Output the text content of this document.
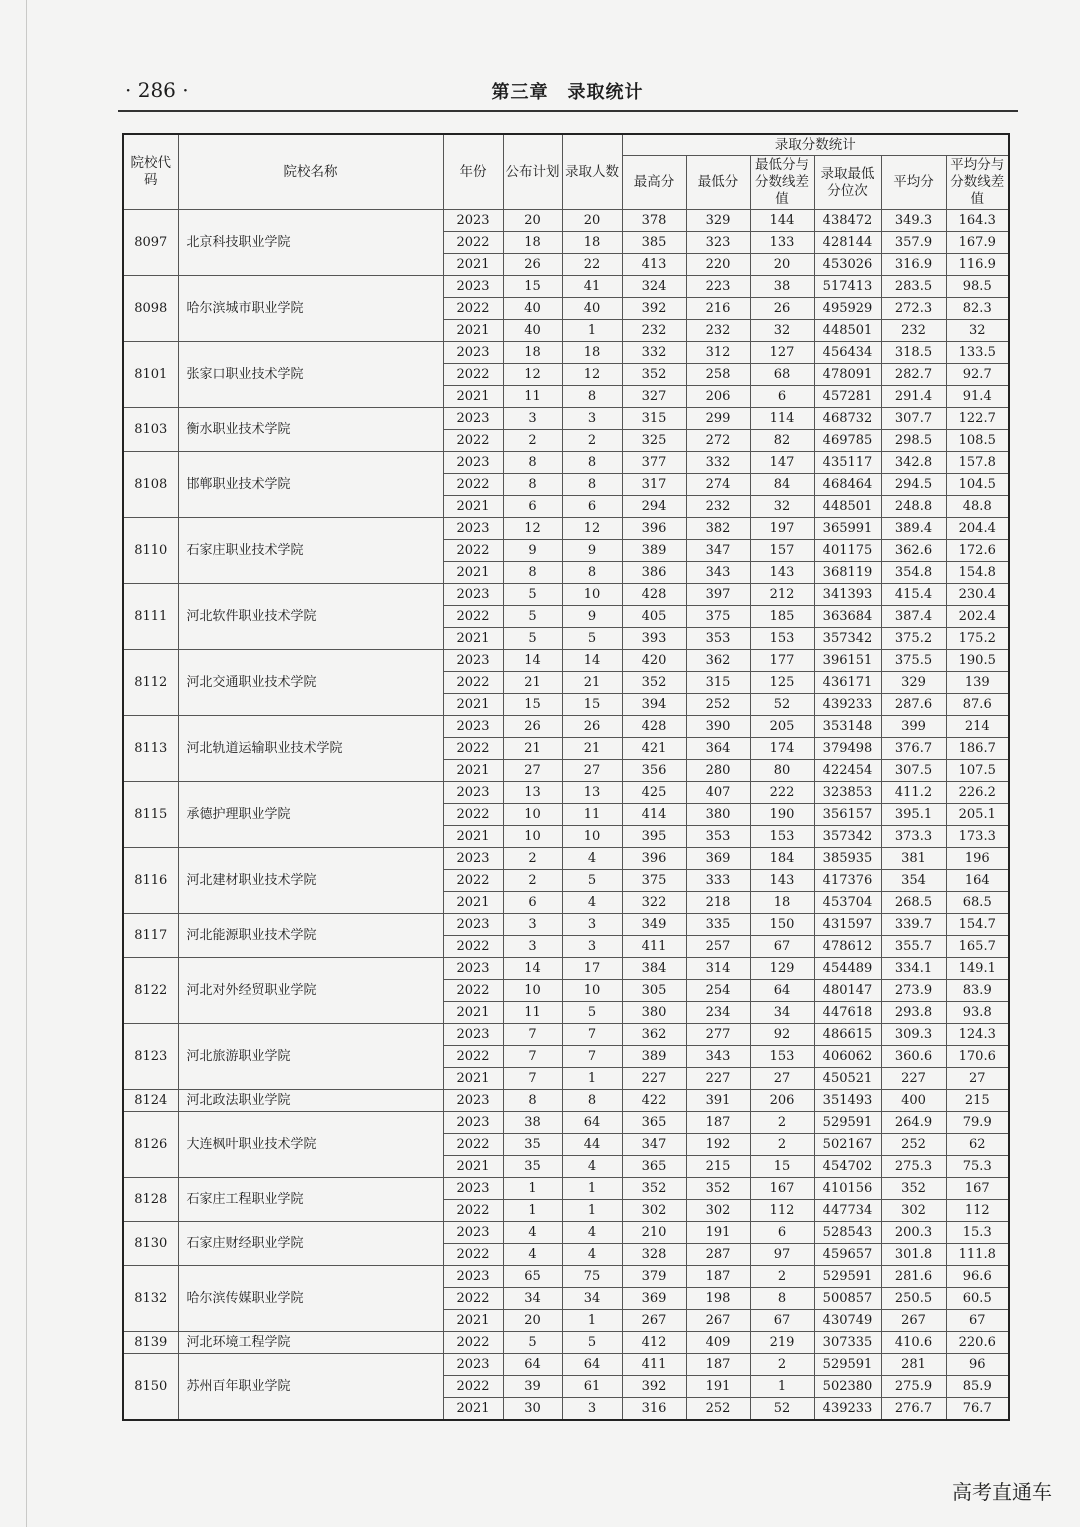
· 286 ·	第三章　录取统计
院校代码	院校名称	年份	公布计划	录取人数	录取分数统计					
					最高分	最低分	最低分与分数线差值	录取最低分位次	平均分	平均分与分数线差值
8097	北京科技职业学院	2023	20	20	378	329	144	438472	349.3	164.3
		2022	18	18	385	323	133	428144	357.9	167.9
		2021	26	22	413	220	20	453026	316.9	116.9
8098	哈尔滨城市职业学院	2023	15	41	324	223	38	517413	283.5	98.5
		2022	40	40	392	216	26	495929	272.3	82.3
		2021	40	1	232	232	32	448501	232	32
8101	张家口职业技术学院	2023	18	18	332	312	127	456434	318.5	133.5
		2022	12	12	352	258	68	478091	282.7	92.7
		2021	11	8	327	206	6	457281	291.4	91.4
8103	衡水职业技术学院	2023	3	3	315	299	114	468732	307.7	122.7
		2022	2	2	325	272	82	469785	298.5	108.5
8108	邯郸职业技术学院	2023	8	8	377	332	147	435117	342.8	157.8
		2022	8	8	317	274	84	468464	294.5	104.5
		2021	6	6	294	232	32	448501	248.8	48.8
8110	石家庄职业技术学院	2023	12	12	396	382	197	365991	389.4	204.4
		2022	9	9	389	347	157	401175	362.6	172.6
		2021	8	8	386	343	143	368119	354.8	154.8
8111	河北软件职业技术学院	2023	5	10	428	397	212	341393	415.4	230.4
		2022	5	9	405	375	185	363684	387.4	202.4
		2021	5	5	393	353	153	357342	375.2	175.2
8112	河北交通职业技术学院	2023	14	14	420	362	177	396151	375.5	190.5
		2022	21	21	352	315	125	436171	329	139
		2021	15	15	394	252	52	439233	287.6	87.6
8113	河北轨道运输职业技术学院	2023	26	26	428	390	205	353148	399	214
		2022	21	21	421	364	174	379498	376.7	186.7
		2021	27	27	356	280	80	422454	307.5	107.5
8115	承德护理职业学院	2023	13	13	425	407	222	323853	411.2	226.2
		2022	10	11	414	380	190	356157	395.1	205.1
		2021	10	10	395	353	153	357342	373.3	173.3
8116	河北建材职业技术学院	2023	2	4	396	369	184	385935	381	196
		2022	2	5	375	333	143	417376	354	164
		2021	6	4	322	218	18	453704	268.5	68.5
8117	河北能源职业技术学院	2023	3	3	349	335	150	431597	339.7	154.7
		2022	3	3	411	257	67	478612	355.7	165.7
8122	河北对外经贸职业学院	2023	14	17	384	314	129	454489	334.1	149.1
		2022	10	10	305	254	64	480147	273.9	83.9
		2021	11	5	380	234	34	447618	293.8	93.8
8123	河北旅游职业学院	2023	7	7	362	277	92	486615	309.3	124.3
		2022	7	7	389	343	153	406062	360.6	170.6
		2021	7	1	227	227	27	450521	227	27
8124	河北政法职业学院	2023	8	8	422	391	206	351493	400	215
8126	大连枫叶职业技术学院	2023	38	64	365	187	2	529591	264.9	79.9
		2022	35	44	347	192	2	502167	252	62
		2021	35	4	365	215	15	454702	275.3	75.3
8128	石家庄工程职业学院	2023	1	1	352	352	167	410156	352	167
		2022	1	1	302	302	112	447734	302	112
8130	石家庄财经职业学院	2023	4	4	210	191	6	528543	200.3	15.3
		2022	4	4	328	287	97	459657	301.8	111.8
8132	哈尔滨传媒职业学院	2023	65	75	379	187	2	529591	281.6	96.6
		2022	34	34	369	198	8	500857	250.5	60.5
		2021	20	1	267	267	67	430749	267	67
8139	河北环境工程学院	2022	5	5	412	409	219	307335	410.6	220.6
8150	苏州百年职业学院	2023	64	64	411	187	2	529591	281	96
		2022	39	61	392	191	1	502380	275.9	85.9
		2021	30	3	316	252	52	439233	276.7	76.7
高考直通车
